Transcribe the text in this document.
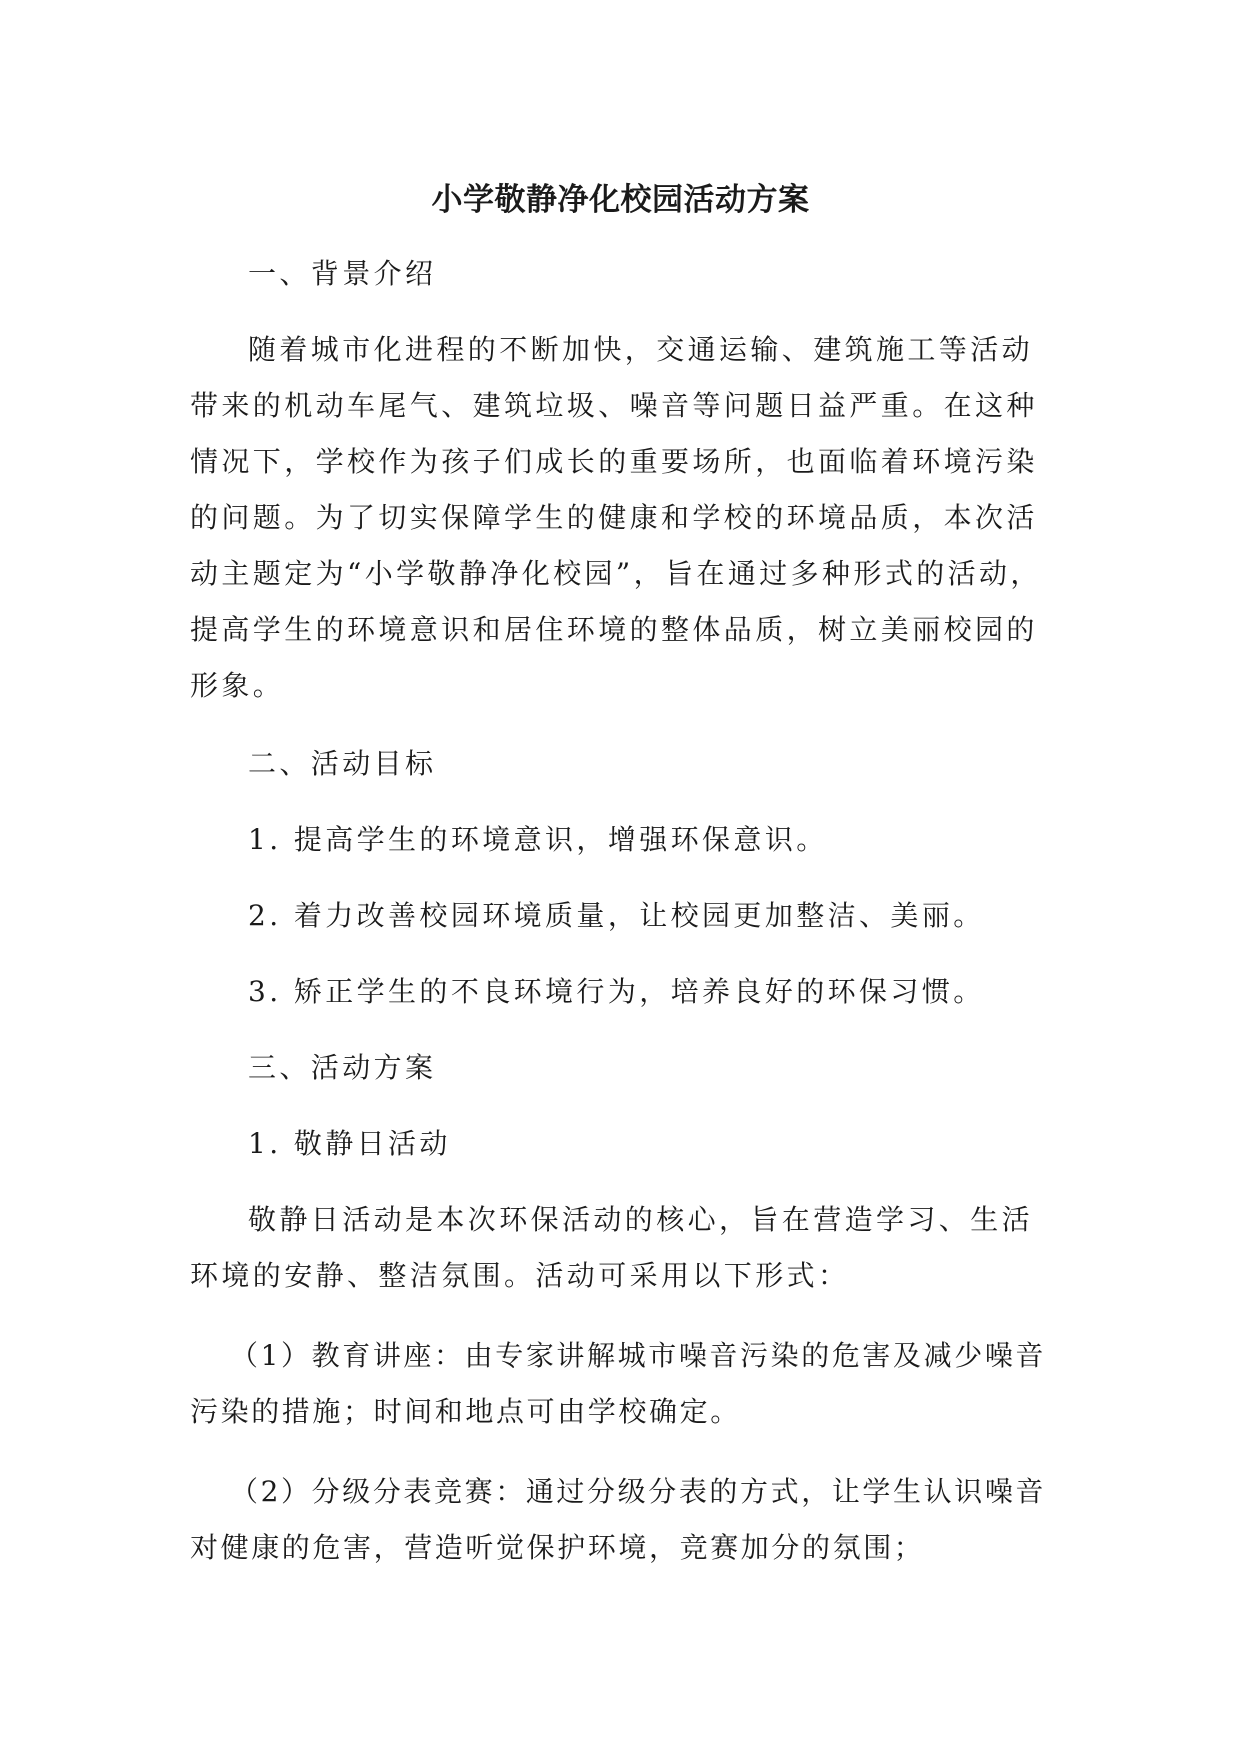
小学敬静净化校园活动方案

一、背景介绍

随着城市化进程的不断加快，交通运输、建筑施工等活动带来的机动车尾气、建筑垃圾、噪音等问题日益严重。在这种情况下，学校作为孩子们成长的重要场所，也面临着环境污染的问题。为了切实保障学生的健康和学校的环境品质，本次活动主题定为“小学敬静净化校园”，旨在通过多种形式的活动，提高学生的环境意识和居住环境的整体品质，树立美丽校园的形象。

二、活动目标

1. 提高学生的环境意识，增强环保意识。

2. 着力改善校园环境质量，让校园更加整洁、美丽。

3. 矫正学生的不良环境行为，培养良好的环保习惯。

三、活动方案

1. 敬静日活动

敬静日活动是本次环保活动的核心，旨在营造学习、生活环境的安静、整洁氛围。活动可采用以下形式：

（1）教育讲座：由专家讲解城市噪音污染的危害及减少噪音污染的措施；时间和地点可由学校确定。

（2）分级分表竞赛：通过分级分表的方式，让学生认识噪音对健康的危害，营造听觉保护环境，竞赛加分的氛围；
